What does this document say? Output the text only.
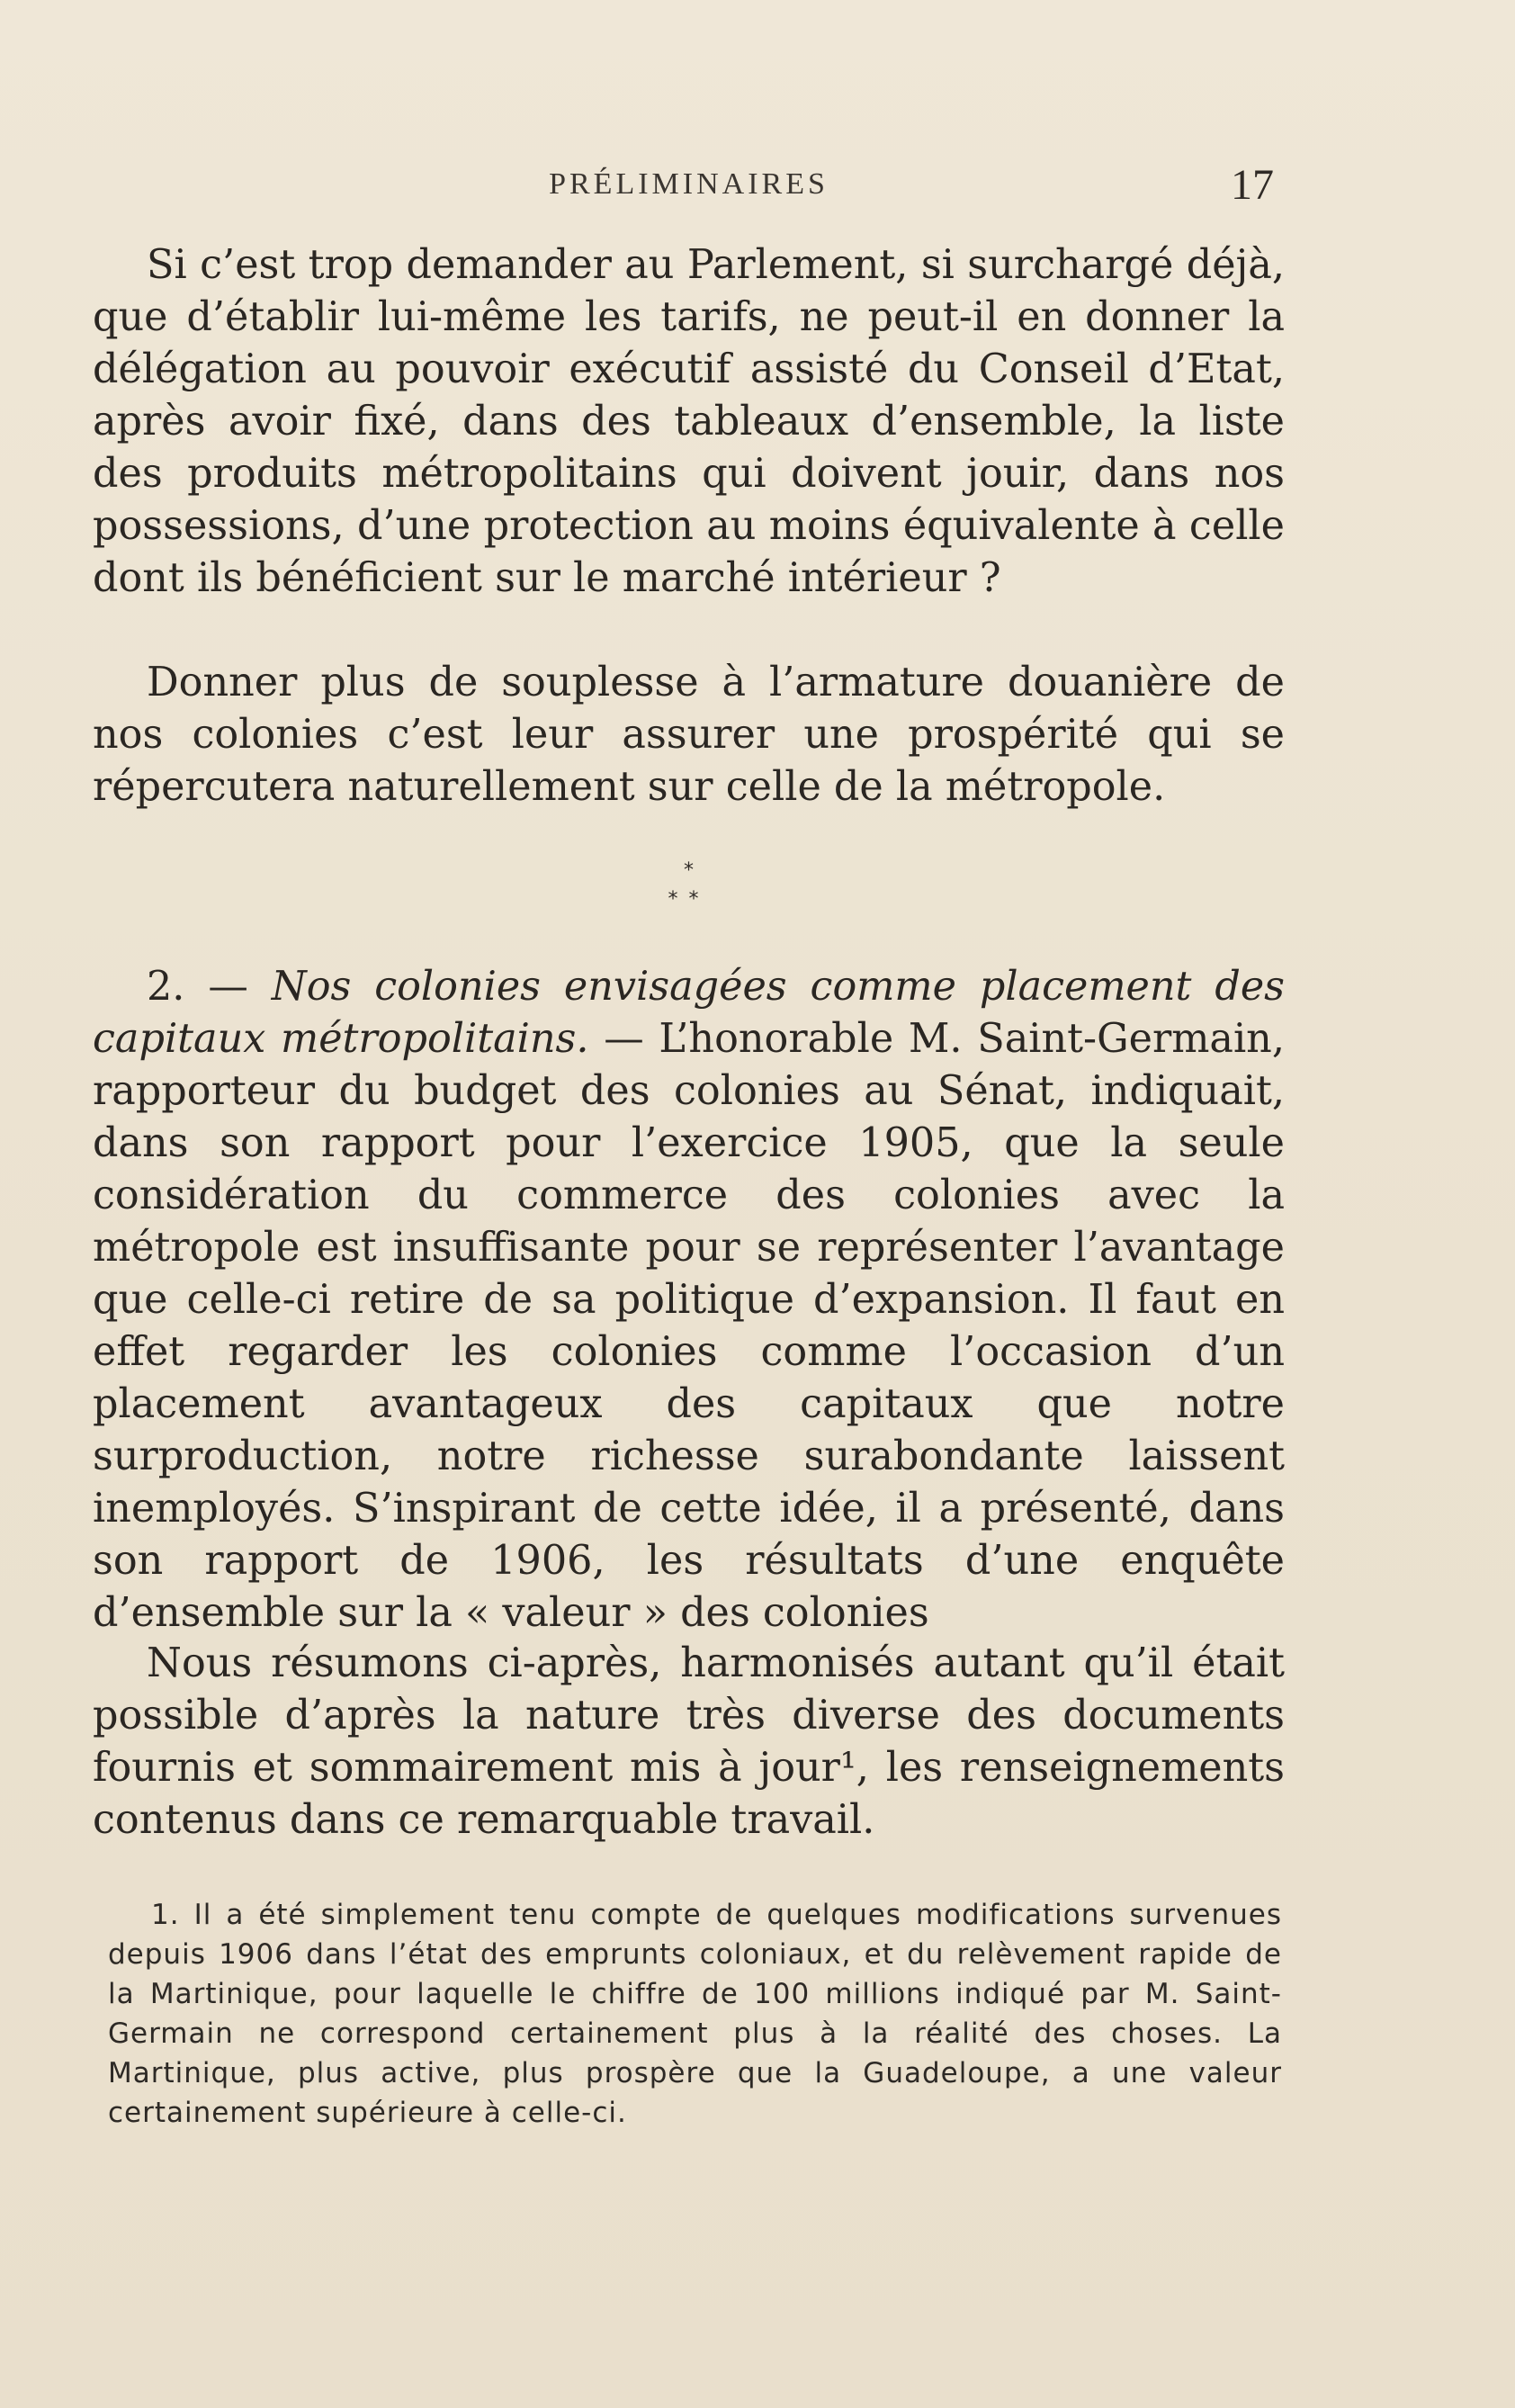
PRÉLIMINAIRES	17

Si c’est trop demander au Parlement, si surchargé déjà, que d’établir lui-même les tarifs, ne peut-il en donner la délégation au pouvoir exécutif assisté du Conseil d’Etat, après avoir fixé, dans des tableaux d’ensemble, la liste des produits métropolitains qui doivent jouir, dans nos possessions, d’une protection au moins équivalente à celle dont ils bénéficient sur le marché intérieur ?

Donner plus de souplesse à l’armature douanière de nos colonies c’est leur assurer une prospérité qui se répercutera naturellement sur celle de la métropole.

*
**

2. — Nos colonies envisagées comme placement des capitaux métropolitains. — L’honorable M. Saint-Germain, rapporteur du budget des colonies au Sénat, indiquait, dans son rapport pour l’exercice 1905, que la seule considération du commerce des colonies avec la métropole est insuffisante pour se représenter l’avantage que celle-ci retire de sa politique d’expansion. Il faut en effet regarder les colonies comme l’occasion d’un placement avantageux des capitaux que notre surproduction, notre richesse surabondante laissent inemployés. S’inspirant de cette idée, il a présenté, dans son rapport de 1906, les résultats d’une enquête d’ensemble sur la « valeur » des colonies

Nous résumons ci-après, harmonisés autant qu’il était possible d’après la nature très diverse des documents fournis et sommairement mis à jour¹, les renseignements contenus dans ce remarquable travail.

1. Il a été simplement tenu compte de quelques modifications survenues depuis 1906 dans l’état des emprunts coloniaux, et du relèvement rapide de la Martinique, pour laquelle le chiffre de 100 millions indiqué par M. Saint-Germain ne correspond certainement plus à la réalité des choses. La Martinique, plus active, plus prospère que la Guadeloupe, a une valeur certainement supérieure à celle-ci.
